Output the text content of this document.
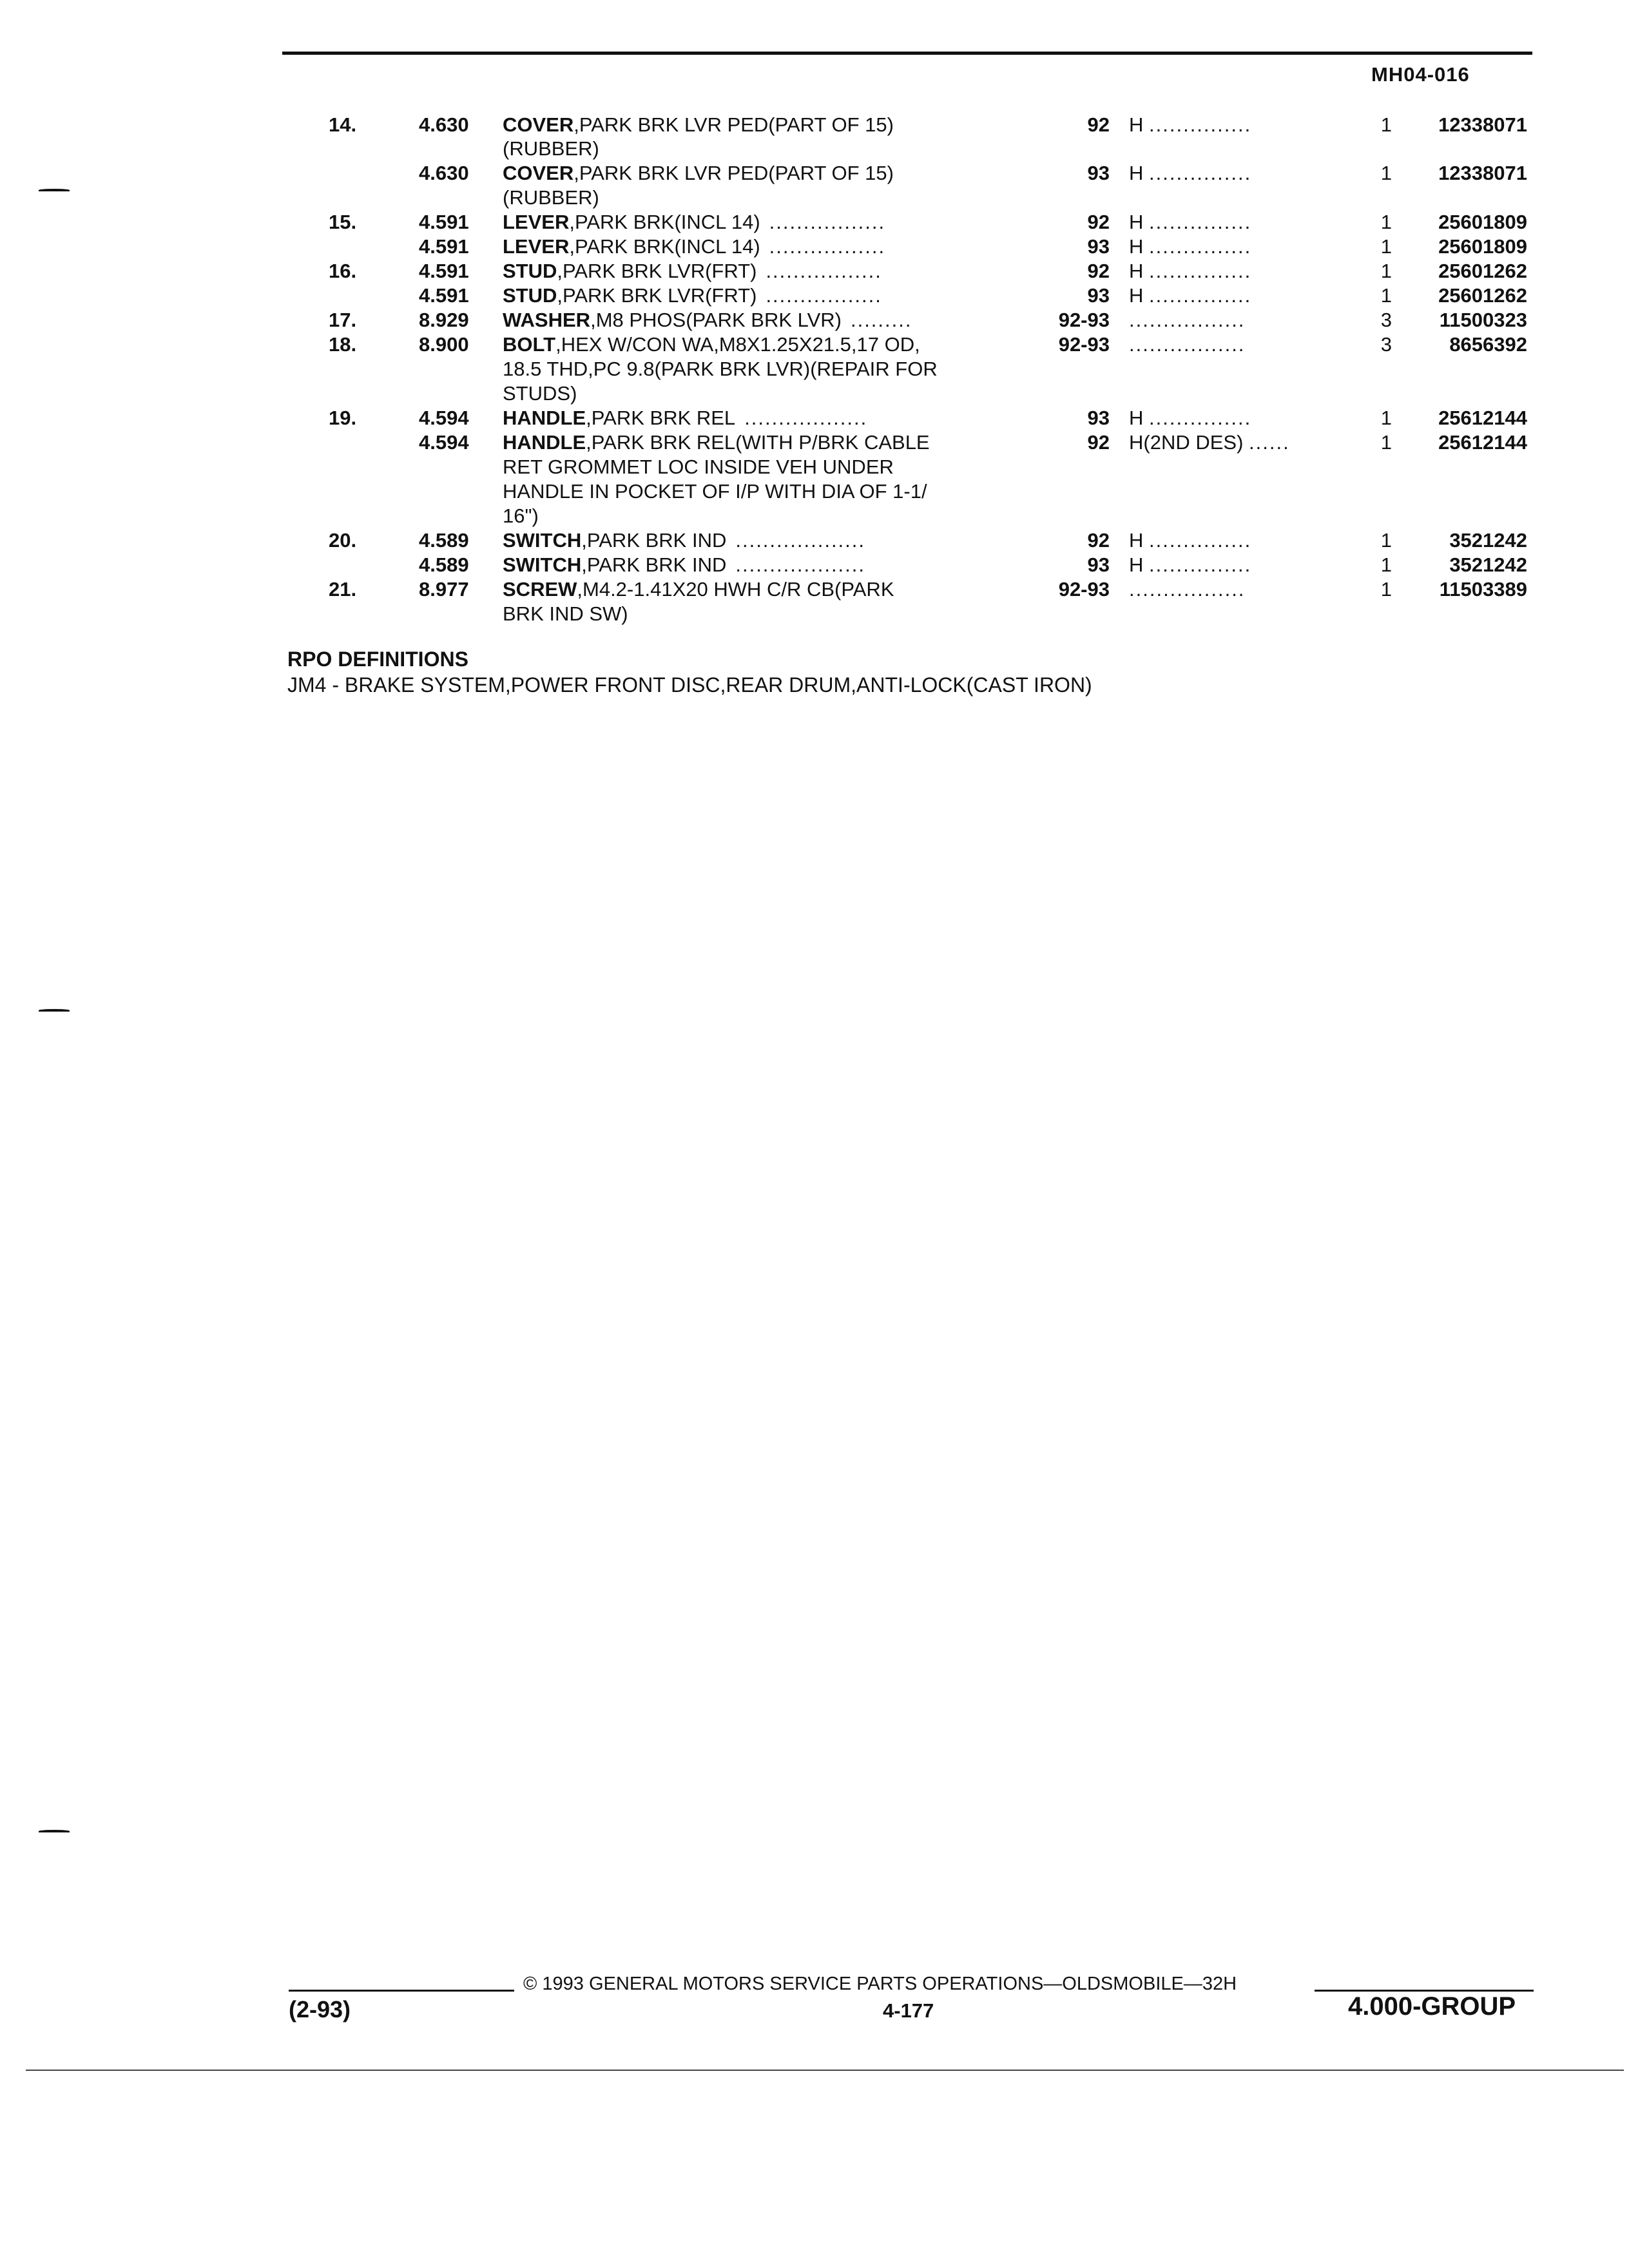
MH04-016
14.	4.630 COVER,PARK BRK LVR PED(PART OF 15)	92 H ...............	1	12338071
(RUBBER)
4.630 COVER,PARK BRK LVR PED(PART OF 15)	93 H ...............	1	12338071
(RUBBER)
15.	4.591 LEVER,PARK BRK(INCL 14) .................	92 H ...............	1	25601809
4.591 LEVER,PARK BRK(INCL 14) .................	93 H ...............	1	25601809
16.	4.591 STUD,PARK BRK LVR(FRT) .................	92 H ...............	1	25601262
4.591 STUD,PARK BRK LVR(FRT) .................	93 H ...............	1	25601262
17.	8.929 WASHER,M8 PHOS(PARK BRK LVR) .........	92-93 .................	3	11500323
18.	8.900 BOLT,HEX W/CON WA,M8X1.25X21.5,17 OD,	92-93 .................	3	8656392
18.5 THD,PC 9.8(PARK BRK LVR)(REPAIR FOR
STUDS)
19.	4.594 HANDLE,PARK BRK REL ..................	93 H ...............	1	25612144
4.594 HANDLE,PARK BRK REL(WITH P/BRK CABLE	92 H(2ND DES) ......	1	25612144
RET GROMMET LOC INSIDE VEH UNDER
HANDLE IN POCKET OF I/P WITH DIA OF 1-1/
16")
20.	4.589 SWITCH,PARK BRK IND ...................	92 H ...............	1	3521242
4.589 SWITCH,PARK BRK IND ...................	93 H ...............	1	3521242
21.	8.977 SCREW,M4.2-1.41X20 HWH C/R CB(PARK	92-93 .................	1	11503389
BRK IND SW)
RPO DEFINITIONS
JM4 - BRAKE SYSTEM,POWER FRONT DISC,REAR DRUM,ANTI-LOCK(CAST IRON)
© 1993 GENERAL MOTORS SERVICE PARTS OPERATIONS—OLDSMOBILE—32H
(2-93)	4-177	4.000-GROUP
